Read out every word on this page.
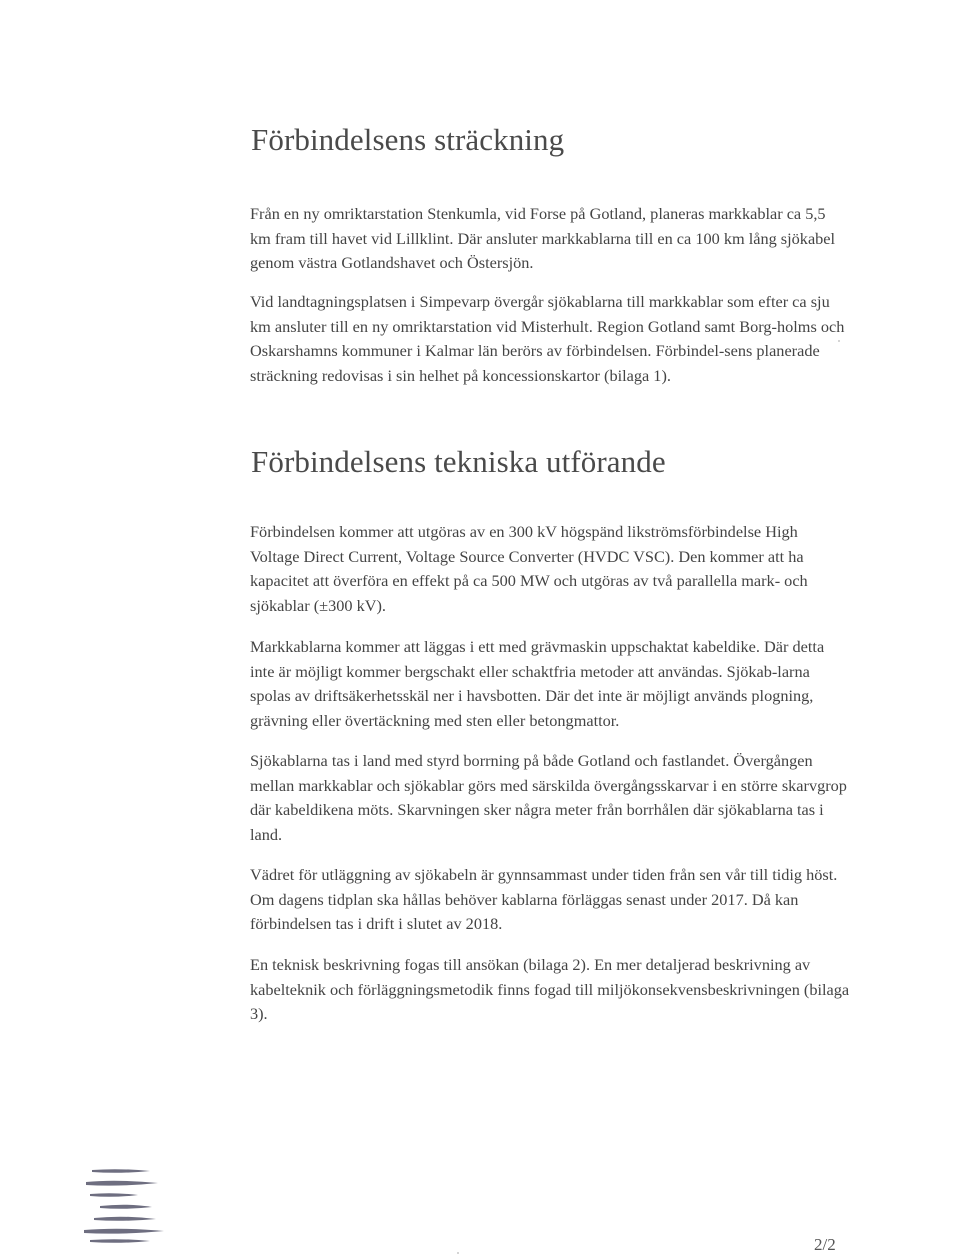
Förbindelsens sträckning

Från en ny omriktarstation Stenkumla, vid Forse på Gotland, planeras markkablar ca 5,5 km fram till havet vid Lillklint. Där ansluter markkablarna till en ca 100 km lång sjökabel genom västra Gotlandshavet och Östersjön.

Vid landtagningsplatsen i Simpevarp övergår sjökablarna till markkablar som efter ca sju km ansluter till en ny omriktarstation vid Misterhult. Region Gotland samt Borg-holms och Oskarshamns kommuner i Kalmar län berörs av förbindelsen. Förbindel-sens planerade sträckning redovisas i sin helhet på koncessionskartor (bilaga 1).

Förbindelsens tekniska utförande

Förbindelsen kommer att utgöras av en 300 kV högspänd likströmsförbindelse High Voltage Direct Current, Voltage Source Converter (HVDC VSC). Den kommer att ha kapacitet att överföra en effekt på ca 500 MW och utgöras av två parallella mark- och sjökablar (±300 kV).

Markkablarna kommer att läggas i ett med grävmaskin uppschaktat kabeldike. Där detta inte är möjligt kommer bergschakt eller schaktfria metoder att användas. Sjökab-larna spolas av driftsäkerhetsskäl ner i havsbotten. Där det inte är möjligt används plogning, grävning eller övertäckning med sten eller betongmattor.

Sjökablarna tas i land med styrd borrning på både Gotland och fastlandet. Övergången mellan markkablar och sjökablar görs med särskilda övergångsskarvar i en större skarvgrop där kabeldikena möts. Skarvningen sker några meter från borrhålen där sjökablarna tas i land.

Vädret för utläggning av sjökabeln är gynnsammast under tiden från sen vår till tidig höst. Om dagens tidplan ska hållas behöver kablarna förläggas senast under 2017. Då kan förbindelsen tas i drift i slutet av 2018.

En teknisk beskrivning fogas till ansökan (bilaga 2). En mer detaljerad beskrivning av kabelteknik och förläggningsmetodik finns fogad till miljökonsekvensbeskrivningen (bilaga 3).

2/2
